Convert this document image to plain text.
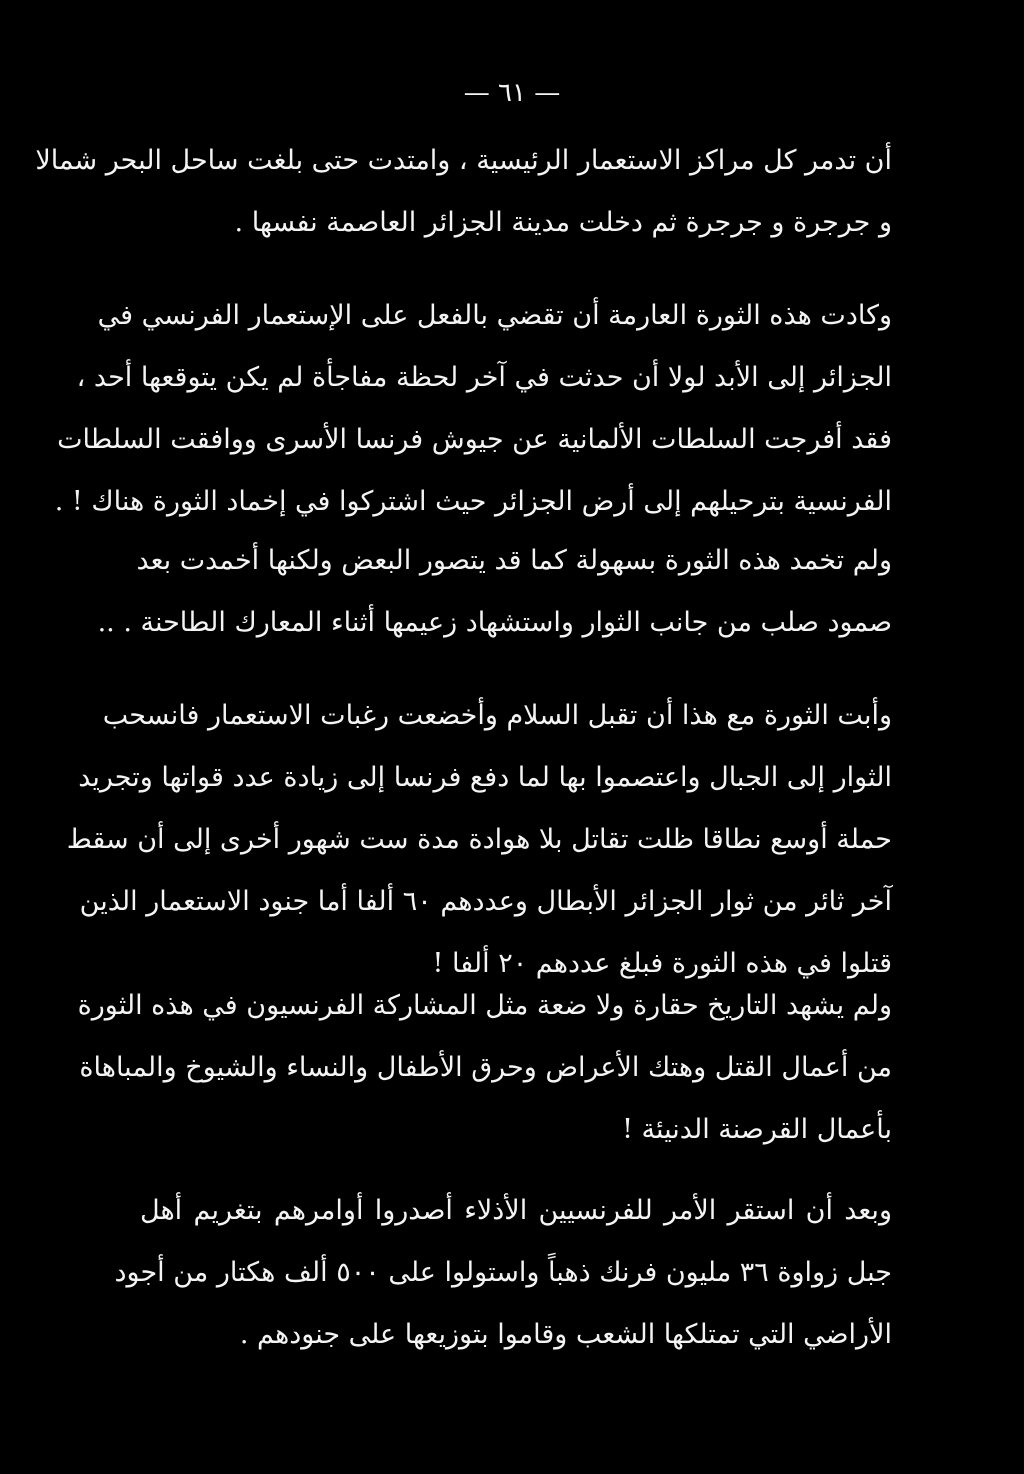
— ٦١ —
أن تدمر كل مراكز الاستعمار الرئيسية ، وامتدت حتى بلغت ساحل البحر شمالا
و جرجرة و جرجرة ثم دخلت مدينة الجزائر العاصمة نفسها .
وكادت هذه الثورة العارمة أن تقضي بالفعل على الإستعمار الفرنسي في
الجزائر إلى الأبد لولا أن حدثت في آخر لحظة مفاجأة لم يكن يتوقعها أحد ،
فقد أفرجت السلطات الألمانية عن جيوش فرنسا الأسرى ووافقت السلطات
الفرنسية بترحيلهم إلى أرض الجزائر حيث اشتركوا في إخماد الثورة هناك ! .
ولم تخمد هذه الثورة بسهولة كما قد يتصور البعض ولكنها أخمدت بعد
صمود صلب من جانب الثوار واستشهاد زعيمها أثناء المعارك الطاحنة . ..
وأبت الثورة مع هذا أن تقبل السلام وأخضعت رغبات الاستعمار فانسحب
الثوار إلى الجبال واعتصموا بها لما دفع فرنسا إلى زيادة عدد قواتها وتجريد
حملة أوسع نطاقا ظلت تقاتل بلا هوادة مدة ست شهور أخرى إلى أن سقط
آخر ثائر من ثوار الجزائر الأبطال وعددهم ٦٠ ألفا أما جنود الاستعمار الذين
قتلوا في هذه الثورة فبلغ عددهم ٢٠ ألفا !
ولم يشهد التاريخ حقارة ولا ضعة مثل المشاركة الفرنسيون في هذه الثورة
من أعمال القتل وهتك الأعراض وحرق الأطفال والنساء والشيوخ والمباهاة
بأعمال القرصنة الدنيئة !
وبعد أن استقر الأمر للفرنسيين الأذلاء أصدروا أوامرهم بتغريم أهل
جبل زواوة ٣٦ مليون فرنك ذهباً واستولوا على ٥٠٠ ألف هكتار من أجود
الأراضي التي تمتلكها الشعب وقاموا بتوزيعها على جنودهم .
